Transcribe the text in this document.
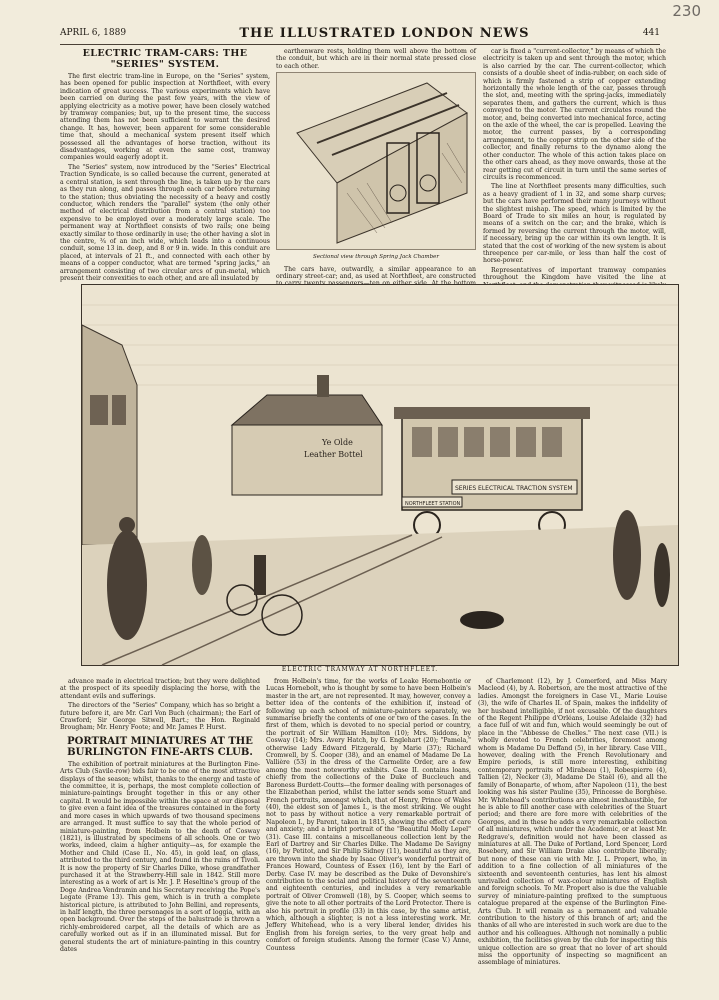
APRIL 6, 1889	THE ILLUSTRATED LONDON NEWS	441
230
ELECTRIC TRAM-CARS: THE "SERIES" SYSTEM.

The first electric tram-line in Europe, on the "Series" system, has been opened for public inspection at Northfleet, with every indication of great success. The various experiments which have been carried on during the past few years, with the view of applying electricity as a motive power, have been closely watched by tramway companies; but, up to the present time, the success attending them has not been sufficient to warrant the desired change. It has, however, been apparent for some considerable time that, should a mechanical system present itself which possessed all the advantages of horse traction, without its disadvantages, working at even the same cost, tramway companies would eagerly adopt it.

The "Series" system, now introduced by the "Series" Electrical Traction Syndicate, is so called because the current, generated at a central station, is sent through the line, is taken up by the cars as they run along, and passes through each car before returning to the station; thus obviating the necessity of a heavy and costly conductor, which renders the "parallel" system (the only other method of electrical distribution from a central station) too expensive to be employed over a moderately large scale. The permanent way at Northfleet consists of two rails; one being exactly similar to those ordinarily in use; the other having a slot in the centre, ¾ of an inch wide, which leads into a continuous conduit, some 13 in. deep, and 8 or 9 in. wide. In this conduit are placed, at intervals of 21 ft., and connected with each other by means of a copper conductor, what are termed "spring jacks," an arrangement consisting of two circular arcs of gun-metal, which present their convexities to each other, and are all insulated by

earthenware rests, holding them well above the bottom of the conduit, but which are in their normal state pressed close to each other.

Sectional view through Spring Jack Chamber

The cars have, outwardly, a similar appearance to an ordinary street-car; and, as used at Northfleet, are constructed

car is fixed a "current-collector," by means of which the electricity is taken up and sent through the motor, which is also carried by the car. The current-collector, which consists of a double sheet of india-rubber, on each side of which is firmly fastened a strip of copper extending horizontally the whole length of the car, passes through the slot, and, meeting with the spring-jacks, immediately separates them, and gathers the current, which is thus conveyed to the motor. The current circulates round the motor, and, being converted into mechanical force, acting on the axle of the wheel, the car is propelled. Leaving the motor, the current passes, by a corresponding arrangement, to the copper strip on the other side of the collector, and finally returns to the dynamo along the other conductor. The whole of this action takes place on the other cars ahead, as they move onwards, those at the rear getting cut of circuit in turn until the same series of circuits is recommenced.

The line at Northfleet presents many difficulties, such as a heavy gradient of 1 in 32, and some sharp curves; but the cars have performed their many journeys without the slightest mishap. The speed, which is limited by the Board of Trade to six miles an hour, is regulated by means of a switch on the car; and the brake, which is formed by reversing the current through the motor, will, if necessary, bring up the car within its own length. It is stated that the cost of working of the new system is about threepence per car-mile, or less than half the cost of horse-power.

Representatives of important tramway companies throughout the Kingdom have visited the line at

Ye Olde
Leather Bottel
SERIES ELECTRICAL TRACTION SYSTEM
NORTHFLEET STATION
ELECTRIC TRAMWAY AT NORTHFLEET.

advance made in electrical traction; but they were delighted at the prospect of its speedily displacing the horse, with the attendant evils and sufferings.

The directors of the "Series" Company, which has so bright a future before it, are Mr. Carl Von Buch (chairman); the Earl of Crawford; Sir George Sitwell, Bart.; the Hon. Reginald Brougham; Mr. Henry Foote; and Mr. James P. Hurst.

PORTRAIT MINIATURES AT THE BURLINGTON FINE-ARTS CLUB.

The exhibition of portrait miniatures at the Burlington Fine-Arts Club (Savile-row) bids fair to be one of the most attractive displays of the season; whilst, thanks to the energy and taste of the committee, it is, perhaps, the most complete collection of miniature-paintings brought together in this or any other capital. It would be impossible within the space at our disposal to give even a faint idea of the treasures contained in the forty and more cases in which upwards of two thousand specimens are arranged. It must suffice to say that the whole period of miniature-painting, from Holbein to the death of Cosway (1821), is illustrated by specimens of all schools. One or two works, indeed, claim a higher antiquity—as, for example the Mother and Child (Case II., No. 45), in gold leaf, on glass, attributed to the third century, and found in the ruins of Tivoli. It is now the property of Sir Charles Dilke, whose grandfather purchased it at the Strawberry-Hill sale in 1842. Still more interesting as a work of art is Mr. J. P. Heseltine's group of the Doge Andrea Vendramin and his Secretary receiving the Pope's Legate (Frame 13). This gem, which is in truth a complete historical picture, is attributed to John Bellini, and represents, in half length, the three personages in a sort of loggia, with an open background. Over the steps of the balustrade is thrown a richly-embroidered carpet, all the details of which are as carefully worked out as if in an illuminated missal. But for general students the art of miniature-painting in this country dates

from Holbein's time, for the works of Leake Hornebontie or Lucas Hornebolt, who is thought by some to have been Holbein's master in the art, are not represented. It may, however, convey a better idea of the contents of the exhibition if, instead of following up each school of miniature-painters separately, we summarise briefly the contents of one or two of the cases. In the first of them, which is devoted to no special period or country, the portrait of Sir William Hamilton (10); Mrs. Siddons, by Cosway (14); Mrs. Avery Hatch, by G. Englehart (20); "Pamela," otherwise Lady Edward Fitzgerald, by Marie (37); Richard Cromwell, by S. Cooper (38), and an enamel of Madame De La Vallière (53) in the dress of the Carmelite Order, are a few among the most noteworthy exhibits. Case II. contains loans, chiefly from the collections of the Duke of Buccleuch and Baroness Burdett-Coutts—the former dealing with personages of the Elizabethan period, whilst the latter sends some Stuart and French portraits, amongst which, that of Henry, Prince of Wales (40), the eldest son of James I., is the most striking. We ought not to pass by without notice a very remarkable portrait of Napoleon I., by Parent, taken in 1815, showing the effect of care and anxiety; and a bright portrait of the "Beautiful Molly Lepel" (31). Case III. contains a miscellaneous collection lent by the Earl of Dartrey and Sir Charles Dilke. The Madame De Savigny (16), by Petitot, and Sir Philip Sidney (11), beautiful as they are, are thrown into the shade by Isaac Oliver's wonderful portrait of Frances Howard, Countess of Essex (16), lent by the Earl of Derby. Case IV. may be described as the Duke of Devonshire's contribution to the social and political history of the seventeenth and eighteenth centuries, and includes a very remarkable portrait of Oliver Cromwell (18), by S. Cooper, which seems to give the note to all other portraits of the Lord Protector. There is also his portrait in profile (33) in this case, by the same artist, which, although a slighter, is not a less interesting work. Mr. Jeffery Whitehead, who is a very liberal lender, divides his English from his foreign series, to the very great help and comfort of foreign students. Among the former (Case V.) Anne, Countess

of Charlemont (12), by J. Comerford, and Miss Mary Macleod (4), by A. Robertson, are the most attractive of the ladies. Amongst the foreigners in Case VI., Marie Louise (3), the wife of Charles II. of Spain, makes the infidelity of her husband intelligible, if not excusable. Of the daughters of the Regent Philippe d'Orléans, Louise Adelaide (32) had a face full of wit and fun, which would seemingly be out of place in the "Abbesse de Chelles." The next case (VII.) is wholly devoted to French celebrities, foremost among whom is Madame Du Deffand (5), in her library. Case VIII., however, dealing with the French Revolutionary and Empire periods, is still more interesting, exhibiting contemporary portraits of Mirabeau (1), Robespierre (4), Tallien (2), Necker (3), Madame De Staël (6), and all the family of Bonaparte, of whom, after Napoleon (11), the best looking was his sister Pauline (35), Princesse de Borghèse. Mr. Whitehead's contributions are almost inexhaustible, for he is able to fill another case with celebrities of the Stuart period; and there are fore more with celebrities of the Georges, and in these he adds a very remarkable collection of all miniatures, which under the Academic, or at least Mr. Redgrave's, definition would not have been classed as miniatures at all. The Duke of Portland, Lord Spencer, Lord Rosebery, and Sir William Drake also contribute liberally; but none of these can vie with Mr. J. L. Propert, who, in addition to a fine collection of all miniatures of the sixteenth and seventeenth centuries, has lent his almost unrivalled collection of wax-colour miniatures of English and foreign schools. To Mr. Propert also is due the valuable survey of miniature-painting prefixed to the sumptuous catalogue prepared at the expense of the Burlington Fine-Arts Club. It will remain as a permanent and valuable contribution to the history of this branch of art; and the thanks of all who are interested in such work are due to the author and his colleagues. Although not nominally a public exhibition, the facilities given by the club for inspecting this unique collection are so great that no lover of art should miss the opportunity of inspecting so magnificent an assemblage of miniatures.
